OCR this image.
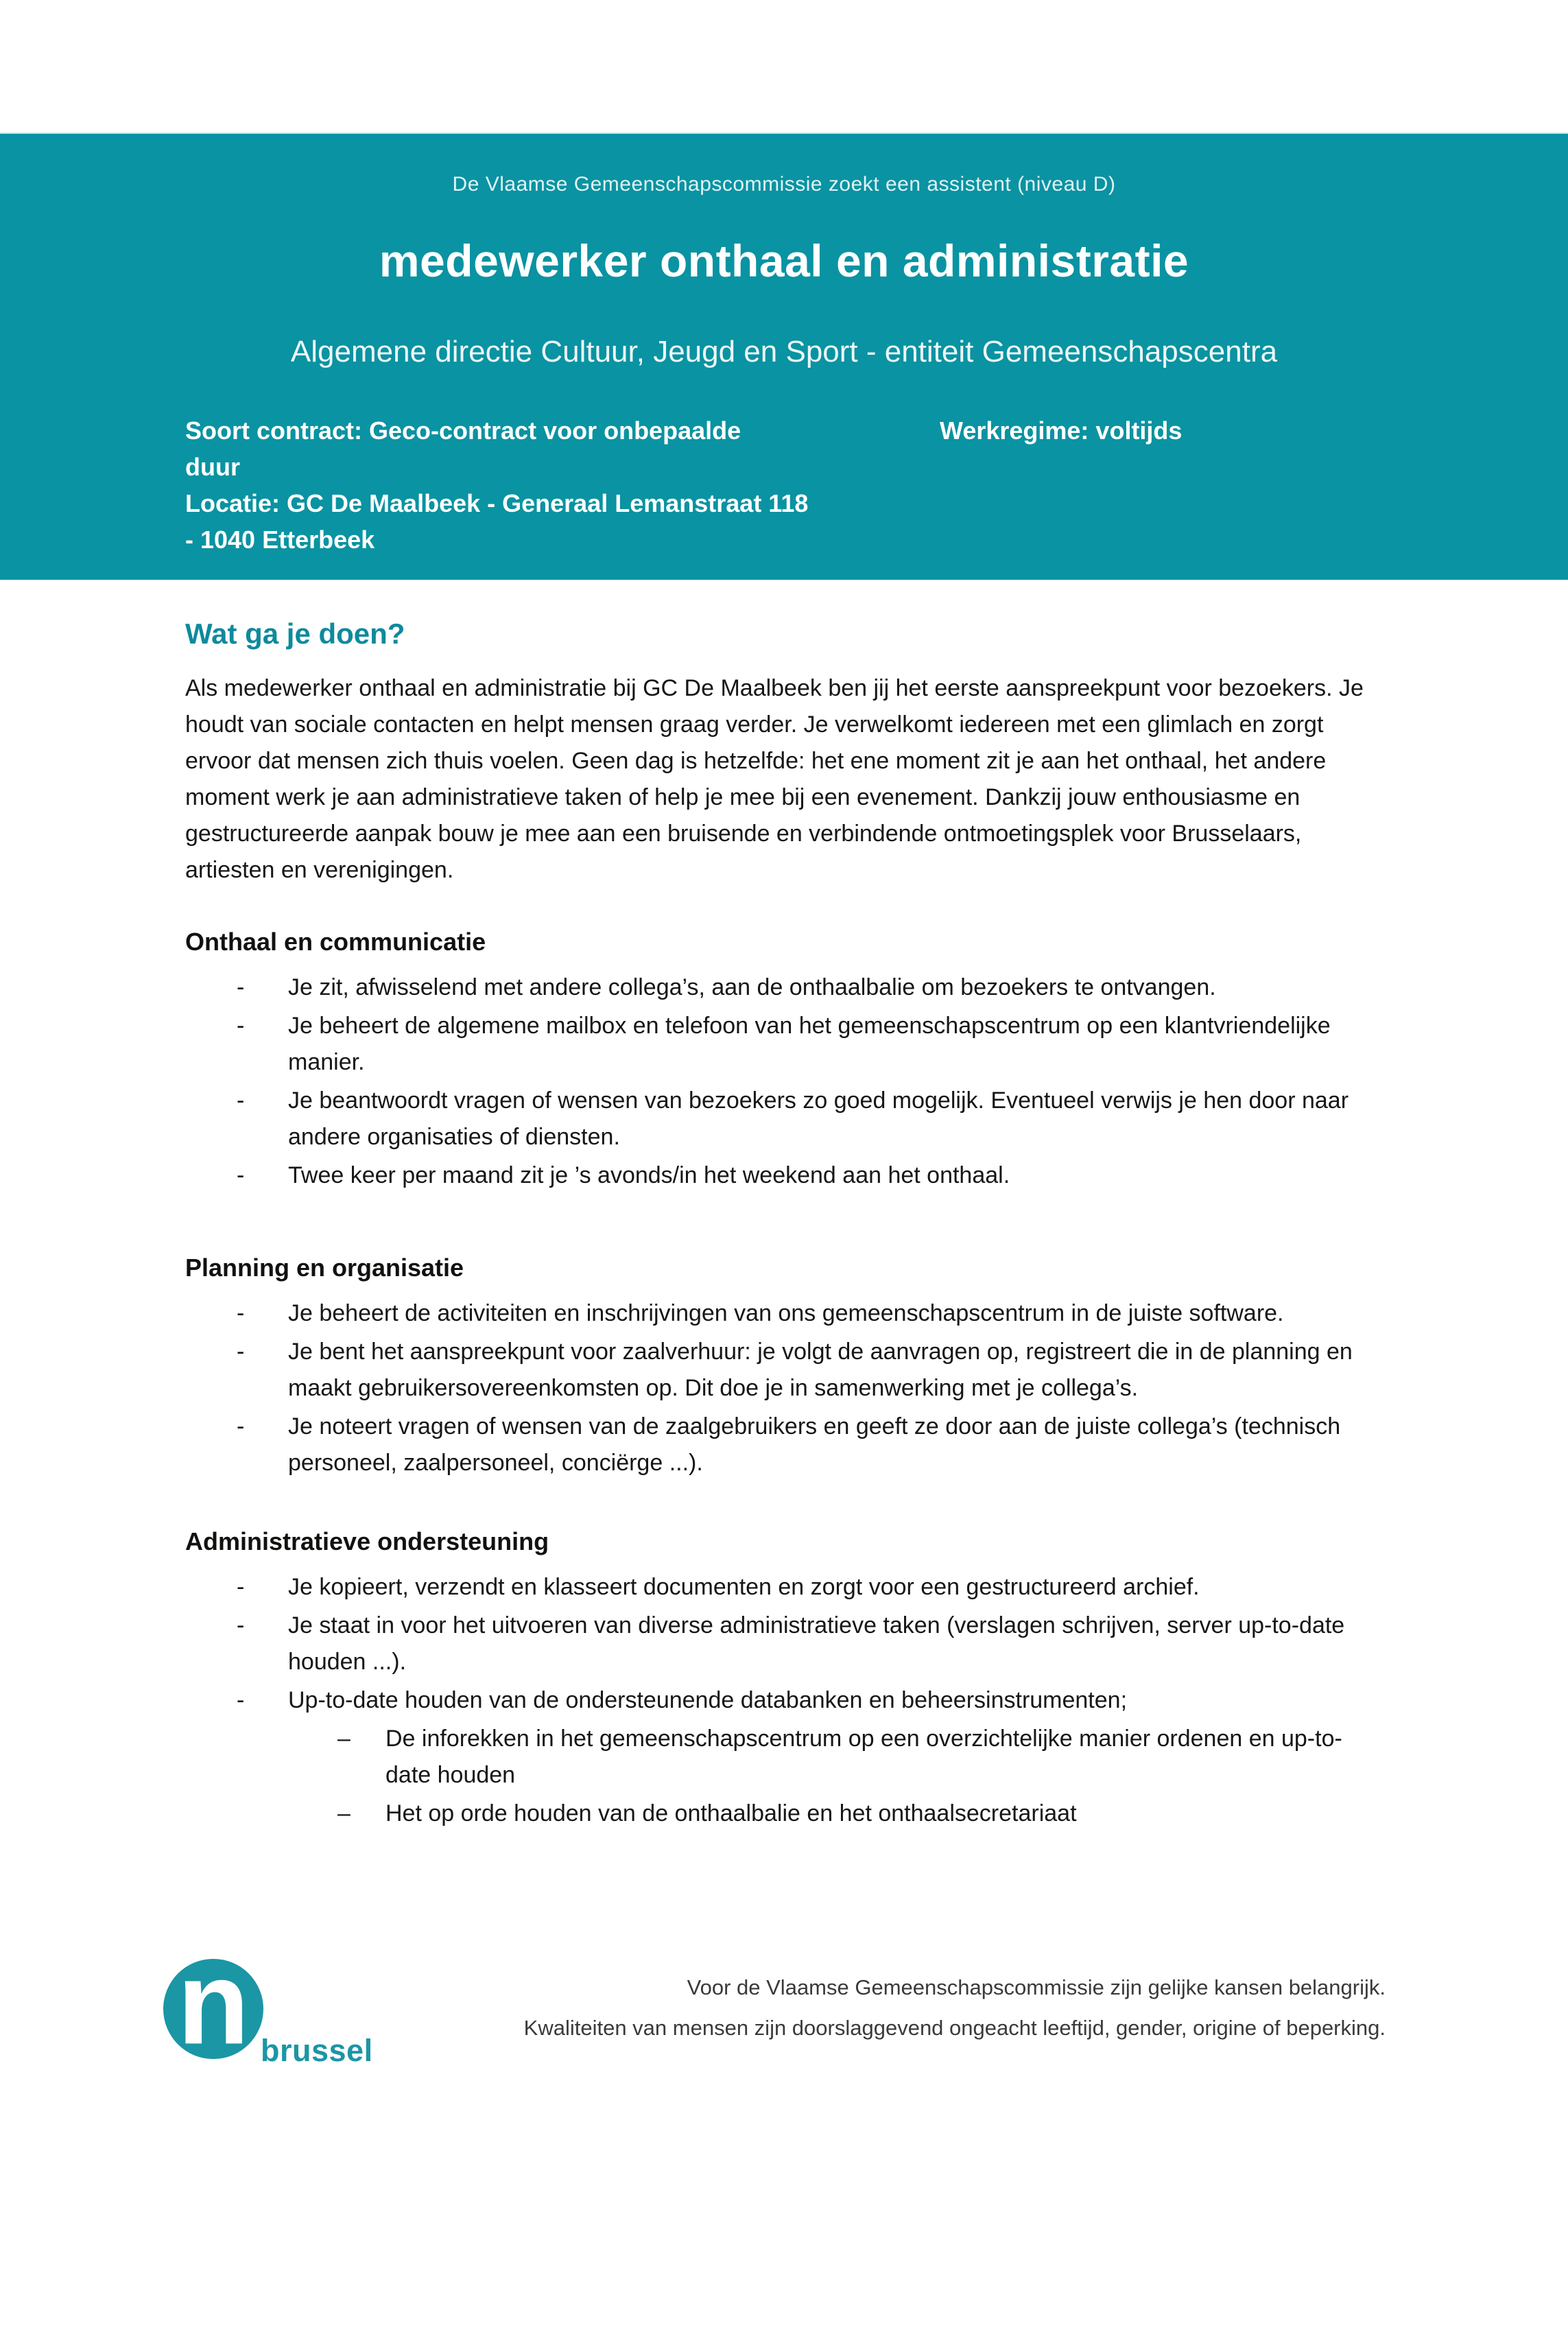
De Vlaamse Gemeenschapscommissie zoekt een assistent (niveau D)
medewerker onthaal en administratie
Algemene directie Cultuur, Jeugd en Sport - entiteit Gemeenschapscentra
Soort contract: Geco-contract voor onbepaalde
duur
Locatie: GC De Maalbeek - Generaal Lemanstraat 118
- 1040 Etterbeek
Werkregime: voltijds
Wat ga je doen?

Als medewerker onthaal en administratie bij GC De Maalbeek ben jij het eerste aanspreekpunt voor bezoekers. Je houdt van sociale contacten en helpt mensen graag verder. Je verwelkomt iedereen met een glimlach en zorgt ervoor dat mensen zich thuis voelen. Geen dag is hetzelfde: het ene moment zit je aan het onthaal, het andere moment werk je aan administratieve taken of help je mee bij een evenement. Dankzij jouw enthousiasme en gestructureerde aanpak bouw je mee aan een bruisende en verbindende ontmoetingsplek voor Brusselaars, artiesten en verenigingen.

Onthaal en communicatie
-	Je zit, afwisselend met andere collega’s, aan de onthaalbalie om bezoekers te ontvangen.
-	Je beheert de algemene mailbox en telefoon van het gemeenschapscentrum op een klantvriendelijke manier.
-	Je beantwoordt vragen of wensen van bezoekers zo goed mogelijk. Eventueel verwijs je hen door naar andere organisaties of diensten.
-	Twee keer per maand zit je ’s avonds/in het weekend aan het onthaal.
Planning en organisatie
-	Je beheert de activiteiten en inschrijvingen van ons gemeenschapscentrum in de juiste software.
-	Je bent het aanspreekpunt voor zaalverhuur: je volgt de aanvragen op, registreert die in de planning en maakt gebruikersovereenkomsten op. Dit doe je in samenwerking met je collega’s.
-	Je noteert vragen of wensen van de zaalgebruikers en geeft ze door aan de juiste collega’s (technisch personeel, zaalpersoneel, conciërge ...).
Administratieve ondersteuning
-	Je kopieert, verzendt en klasseert documenten en zorgt voor een gestructureerd archief.
-	Je staat in voor het uitvoeren van diverse administratieve taken (verslagen schrijven, server up-to-date houden ...).
-	Up-to-date houden van de ondersteunende databanken en beheersinstrumenten;
–	De inforekken in het gemeenschapscentrum op een overzichtelijke manier ordenen en up-to-date houden
–	Het op orde houden van de onthaalbalie en het onthaalsecretariaat
n brussel
Voor de Vlaamse Gemeenschapscommissie zijn gelijke kansen belangrijk.
Kwaliteiten van mensen zijn doorslaggevend ongeacht leeftijd, gender, origine of beperking.
